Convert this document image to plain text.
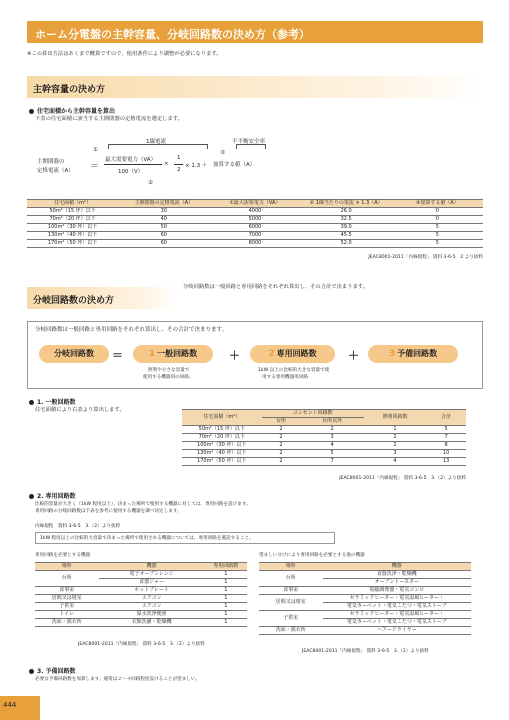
ホーム分電盤の主幹容量、分岐回路数の決め方（参考）
※この算出方法はあくまで概算ですので、使用条件により調整が必要になります。
主幹容量の決め方
住宅面積から主幹容量を算出
下表の住宅面積に該当する主開閉器の定格電流を選定します。
1線電流	不平衡安全率
①	③
主開閉器の
定格電流（A） ＝
最大需要電力（VA）
100（V）
×
1
2
× 1.3 ＋ 加算する値（A）
②
住宅面積（m²）	主開閉器の定格電流（A）	①最大需要電力（VA）	② 1線当たりの電流 × 1.3（A）	③加算する値（A）
50m²（15 坪）以下	30	4000	26.0	0
70m²（20 坪）以下	40	5000	32.5	0
100m²（30 坪）以下	50	6000	39.0	5
130m²（40 坪）以下	60	7000	45.5	5
170m²（50 坪）以下	60	8000	52.0	5
JEAC8001-2011「内線規程」 資料 3-6-5　2 より抜粋
分岐回路数の決め方
分岐回路数は一般回路と専用回路をそれぞれ算出し、その合計で決まります。
分岐回路数は一般回路と専用回路をそれぞれ算出し、その合計で決まります。
分岐回路数	＝	1 一般回路数	＋	2 専用回路数	＋	3 予備回路数
照明や小さな容量で
使用する機器用の回路。
1kW 以上の比較的大きな容量で使
用する専用機器用回路
1. 一般回路数
住宅面積により右表より算出します。
住宅面積（m²）	コンセント回路数		照明回路数	合計
	台所	台所以外		
50m²（15 坪）以下	2	2	1	5
70m²（20 坪）以下	2	3	2	7
100m²（30 坪）以下	2	4	2	8
130m²（40 坪）以下	2	5	3	10
170m²（50 坪）以下	2	7	4	13
JEAC8001-2011「内線規程」 資料 3-6-5　3.（2）より抜粋
2. 専用回路数
比較的容量が大きく（1kW 程度以上）、決まった場所で使用する機器に対しては、専用回路を設けます。
専用回路の分岐回路数は下表を参考に使用する機器を調べ決定します。
内線規程　資料 3-6-5　3.（2）より抜粋
1kW 程度以上の比較的大容量で決まった場所で使用される機器については、専用回路を施設すること。
専用回路を必要とする機器	望ましい分けにより専用回路を必要とする他の機器
場所	機器	専用回路数
台所	電子オーブンレンジ	1
	食器ジャー	1
食事室	ホットプレート	1
居間又は寝室	エアコン	1
子供室	エアコン	1
トイレ	温水洗浄便座	1
洗面・脱衣所	衣類洗濯・乾燥機	1
JEAC8001-2011「内線規程」 資料 3-6-5　3.（2）より抜粋
場所	機器
台所	食器洗浄・乾燥機
	オーブントースター
食事室	電磁調理器・電気コンロ
居間又は寝室	セラミックヒーター・電気温風ヒーター・
	電気カーペット・電気こたつ・電気ストーブ
子供室	セラミックヒーター・電気温風ヒーター・
	電気カーペット・電気こたつ・電気ストーブ
洗面・脱衣所	ヘアードライヤー
JEAC8001-2011「内線規程」 資料 3-6-5　3.（2）より抜粋
3. 予備回路数
必要な予備回路数を加算します。通常は２～４回路程度設けることが望ましい。
444
